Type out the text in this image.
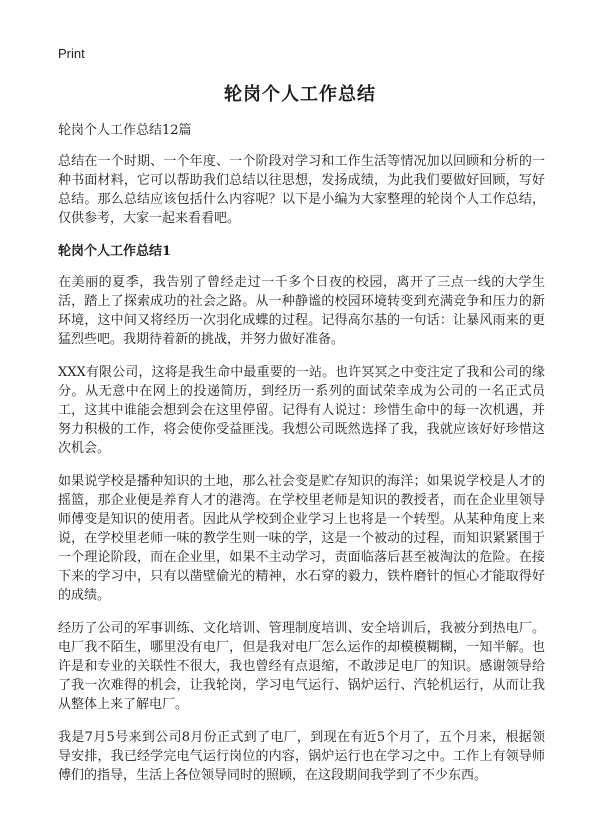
Print
轮岗个人工作总结

轮岗个人工作总结12篇

总结在一个时期、一个年度、一个阶段对学习和工作生活等情况加以回顾和分析的一种书面材料，它可以帮助我们总结以往思想，发扬成绩，为此我们要做好回顾，写好总结。那么总结应该包括什么内容呢？以下是小编为大家整理的轮岗个人工作总结，仅供参考，大家一起来看看吧。

轮岗个人工作总结1

在美丽的夏季，我告别了曾经走过一千多个日夜的校园，离开了三点一线的大学生活，踏上了探索成功的社会之路。从一种静谧的校园环境转变到充满竞争和压力的新环境，这中间又将经历一次羽化成蝶的过程。记得高尔基的一句话：让暴风雨来的更猛烈些吧。我期待着新的挑战，并努力做好准备。

XXX有限公司，这将是我生命中最重要的一站。也许冥冥之中变注定了我和公司的缘分。从无意中在网上的投递简历，到经历一系列的面试荣幸成为公司的一名正式员工，这其中谁能会想到会在这里停留。记得有人说过：珍惜生命中的每一次机遇，并努力积极的工作，将会使你受益匪浅。我想公司既然选择了我，我就应该好好珍惜这次机会。

如果说学校是播种知识的土地，那么社会变是贮存知识的海洋；如果说学校是人才的摇篮，那企业便是养育人才的港湾。在学校里老师是知识的教授者，而在企业里领导师傅变是知识的使用者。因此从学校到企业学习上也将是一个转型。从某种角度上来说，在学校里老师一味的教学生则一味的学，这是一个被动的过程，而知识紧紧围于一个理论阶段，而在企业里，如果不主动学习，责面临落后甚至被淘汰的危险。在接下来的学习中，只有以凿壁偷光的精神，水石穿的毅力，铁杵磨针的恒心才能取得好的成绩。

经历了公司的军事训练、文化培训、管理制度培训、安全培训后，我被分到热电厂。电厂我不陌生，哪里没有电厂，但是我对电厂怎么运作的却模模糊糊，一知半解。也许是和专业的关联性不很大，我也曾经有点退缩，不敢涉足电厂的知识。感谢领导给了我一次难得的机会，让我轮岗，学习电气运行、锅炉运行、汽轮机运行，从而让我从整体上来了解电厂。

我是7月5号来到公司8月份正式到了电厂，到现在有近5个月了，五个月来，根据领导安排，我已经学完电气运行岗位的内容，锅炉运行也在学习之中。工作上有领导师傅们的指导，生活上各位领导同时的照顾，在这段期间我学到了不少东西。
